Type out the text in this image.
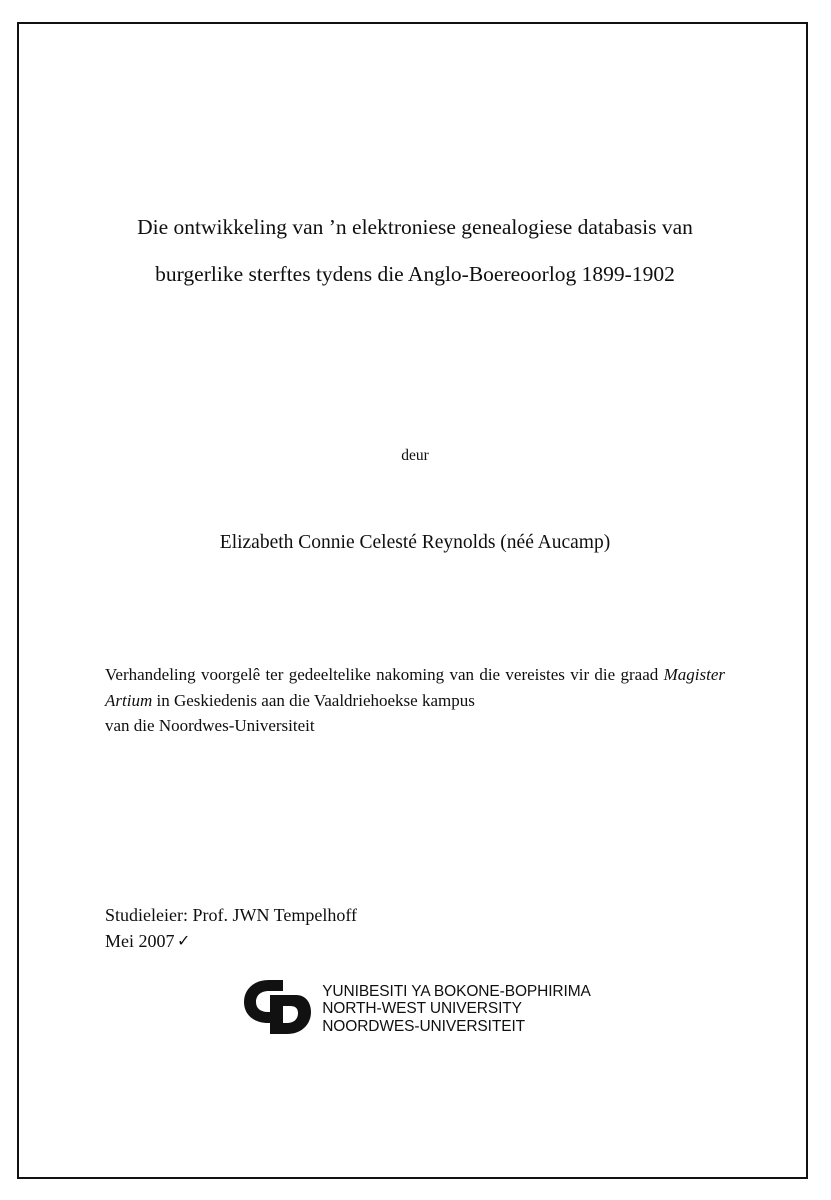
Die ontwikkeling van ’n elektroniese genealogiese databasis van
burgerlike sterftes tydens die Anglo-Boereoorlog 1899-1902
deur
Elizabeth Connie Celesté Reynolds (néé Aucamp)
Verhandeling voorgelê ter gedeeltelike nakoming van die vereistes vir die graad Magister Artium in Geskiedenis aan die Vaaldriehoekse kampus
van die Noordwes-Universiteit
Studieleier: Prof. JWN Tempelhoff
Mei 2007 ✓
YUNIBESITI YA BOKONE-BOPHIRIMA
NORTH-WEST UNIVERSITY
NOORDWES-UNIVERSITEIT
